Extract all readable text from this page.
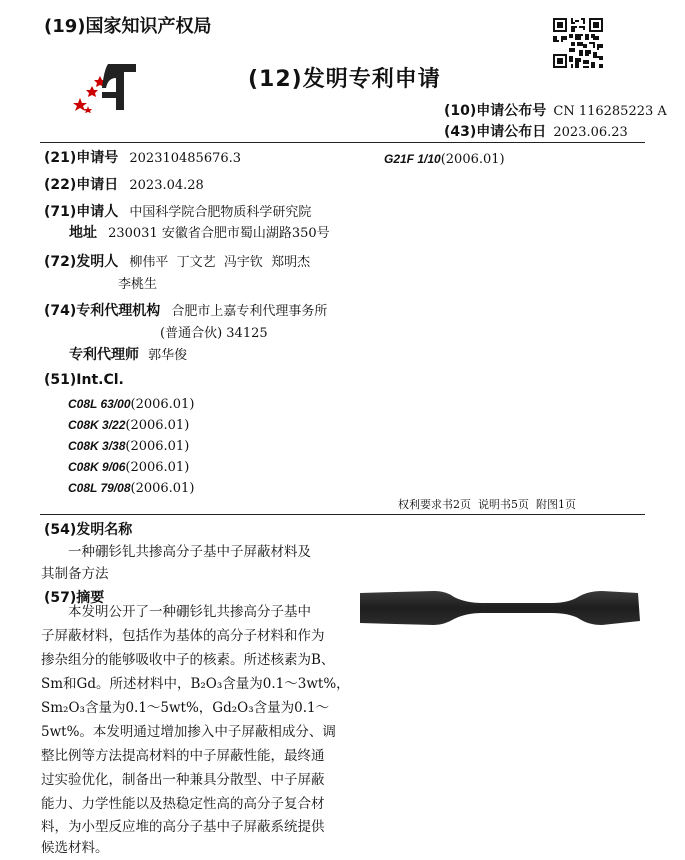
(19)国家知识产权局
(12)发明专利申请
(10)申请公布号 CN 116285223 A
(43)申请公布日 2023.06.23
(21)申请号 202310485676.3	G21F 1/10(2006.01)
(22)申请日 2023.04.28
(71)申请人 中国科学院合肥物质科学研究院
地址 230031 安徽省合肥市蜀山湖路350号
(72)发明人 柳伟平  丁文艺  冯宇钦  郑明杰
李桃生
(74)专利代理机构 合肥市上嘉专利代理事务所
(普通合伙) 34125
专利代理师 郭华俊
(51)Int.Cl.
C08L 63/00(2006.01)
C08K 3/22(2006.01)
C08K 3/38(2006.01)
C08K 9/06(2006.01)
C08L 79/08(2006.01)
权利要求书2页  说明书5页  附图1页
(54)发明名称
一种硼钐钆共掺高分子基中子屏蔽材料及
其制备方法
(57)摘要
本发明公开了一种硼钐钆共掺高分子基中
子屏蔽材料，包括作为基体的高分子材料和作为
掺杂组分的能够吸收中子的核素。所述核素为B、
Sm和Gd。所述材料中，B₂O₃含量为0.1～3wt%，
Sm₂O₃含量为0.1～5wt%，Gd₂O₃含量为0.1～
5wt%。本发明通过增加掺入中子屏蔽相成分、调
整比例等方法提高材料的中子屏蔽性能，最终通
过实验优化，制备出一种兼具分散型、中子屏蔽
能力、力学性能以及热稳定性高的高分子复合材
料，为小型反应堆的高分子基中子屏蔽系统提供
候选材料。
